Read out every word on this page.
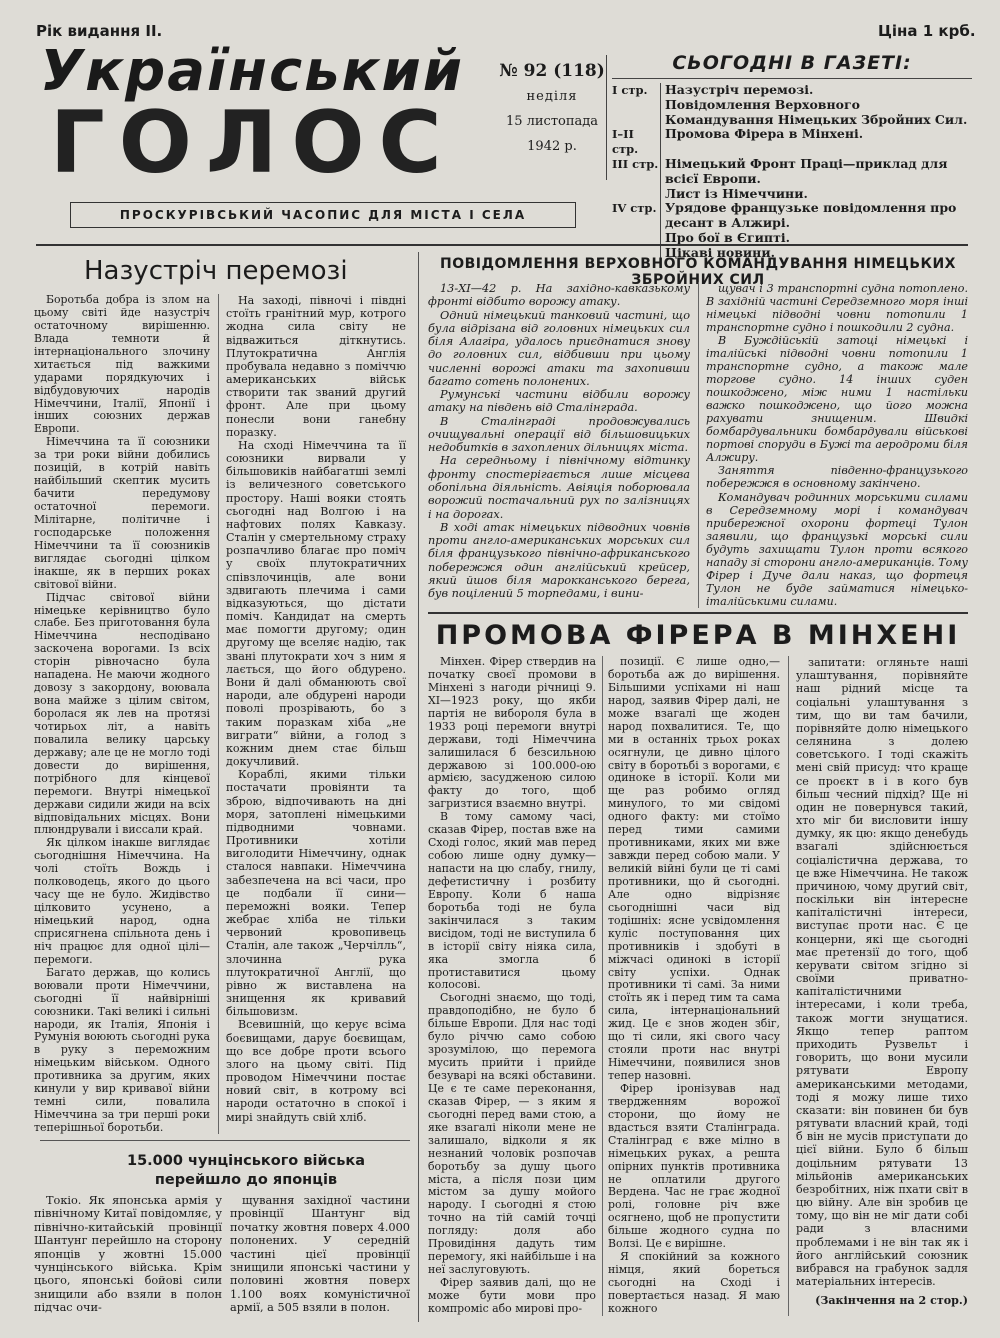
Рік видання II.	Ціна 1 крб.
Український
ГОЛОС
ПРОСКУРІВСЬКИЙ ЧАСОПИС ДЛЯ МІСТА І СЕЛА
№ 92 (118)
неділя
15 листопада
1942 р.
СЬОГОДНІ В ГАЗЕТІ:
I стр.	Назустріч перемозі.
Повідомлення Верховного Командування Німецьких Збройних Сил.
I–II стр.
Промова Фірера в Мінхені.
III стр. Німецький Фронт Праці—приклад для всієї Европи.
Лист із Німеччини.
IV стр. Урядове французьке повідомлення про десант в Алжирі.
Про бої в Єгипті.
Цікаві новини.
Назустріч перемозі

Боротьба добра із злом на цьому світі йде назустріч остаточному вирішенню. Влада темноти й інтернаціонального злочину хитається під важкими ударами порядкуючих і відбудовуючих народів Німеччини, Італії, Японії і інших союзних держав Европи.

Німеччина та її союзники за три роки війни добились позицій, в котрій навіть найбільший скептик мусить бачити передумову остаточної перемоги. Мілітарне, політичне і господарське положення Німеччини та її союзників виглядає сьогодні цілком інакше, як в перших роках світової війни.

Підчас світової війни німецьке керівництво було слабе. Без приготовання була Німеччина несподівано заскочена ворогами. Із всіх сторін рівночасно була нападена. Не маючи жодного довозу з закордону, воювала вона майже з цілим світом, боролася як лев на протязі чотирьох літ, а навіть повалила велику царську державу; але це не могло тоді довести до вирішення, потрібного для кінцевої перемоги. Внутрі німецької держави сидили жиди на всіх відповідальних місцях. Вони плюндрували і виссали край.

Як цілком інакше виглядає сьогоднішня Німеччина. На чолі стоїть Вождь і полководець, якого до цього часу ще не було. Жидівство цілковито усунено, а німецький народ, одна сприсягнена спільнота день і ніч працює для одної цілі—перемоги.

Багато держав, що колись воювали проти Німеччини, сьогодні її найвірніші союзники. Такі великі і сильні народи, як Італія, Японія і Румунія воюють сьогодні рука в руку з переможним німецьким військом. Одного противника за другим, яких кинули у вир кривавої війни темні сили, повалила Німеччина за три перші роки теперішньої боротьби.

На заході, півночі і півдні стоїть гранітний мур, котрого жодна сила світу не відважиться діткнутись. Плутократична Англія пробувала недавно з поміччю американських військ створити так званий другий фронт. Але при цьому понесли вони ганебну поразку.

На сході Німеччина та її союзники вирвали у більшовиків найбагатші землі із величезного советського простору. Наші вояки стоять сьогодні над Волгою і на нафтових полях Кавказу. Сталін у смертельному страху розпачливо благає про поміч у своїх плутократичних співзлочинців, але вони здвигають плечима і сами відказуються, що дістати поміч. Кандидат на смерть має помогти другому; один другому ще вселяє надію, так звані плутократи хоч з ним я лається, що його обдурено. Вони й далі обманюють свої народи, але обдурені народи поволі прозрівають, бо з таким поразкам хіба „не виграти“ війни, а голод з кожним днем стає більш докучливий.

Кораблі, якими тільки постачати провіянти та зброю, відпочивають на дні моря, затоплені німецькими підводними човнами. Противники хотіли виголодити Німеччину, однак сталося навпаки. Німеччина забезпечена на всі часи, про це подбали її сини—переможні вояки. Тепер жебрає хліба не тільки червоний кровопивець Сталін, але також „Черчілль“, злочинна рука плутократичної Англії, що рівно ж виставлена на знищення як кривавий більшовизм.

Всевишній, що керує всіма боєвищами, дарує боєвищам, що все добре проти всього злого на цьому світі. Під проводом Німеччини постає новий світ, в котрому всі народи остаточно в спокої і мирі знайдуть свій хліб.

15.000 чунцінського війська перейшло до японців

Токіо. Як японська армія у північному Китаї повідомляє, у північно-китайській провінції Шантунг перейшло на сторону японців у жовтні 15.000 чунцінського війська. Крім цього, японські бойові сили знищили або взяли в полон підчас очи-

щування західної частини провінції Шантунг від початку жовтня поверх 4.000 полонених. У середній частині цієї провінції знищили японські частини у половині жовтня поверх 1.100 воях комуністичної армії, а 505 взяли в полон.

ПОВІДОМЛЕННЯ ВЕРХОВНОГО КОМАНДУВАННЯ НІМЕЦЬКИХ ЗБРОЙНИХ СИЛ

13-ХІ—42 р. На західно-кавказькому фронті відбито ворожу атаку.

Одний німецький танковий частині, що була відрізана від головних німецьких сил біля Алагіра, удалось приєднатися знову до головних сил, відбивши при цьому численні ворожі атаки та захопивши багато сотень полонених.

Румунські частини відбили ворожу атаку на південь від Сталінграда.

В Сталінграді продовжувались очищувальні операції від більшовицьких недобитків в захоплених дільницях міста.

На середньому і північному відтинку фронту спостерігається лише місцева обопільна діяльність. Авіяція поборювала ворожий постачальний рух по залізницях і на дорогах.

В ході атак німецьких підводних човнів проти англо-американських морських сил біля французького північно-африканського побережжя один англійський крейсер, який йшов біля марокканського берега, був поцілений 5 торпедами, і вини-

щувач і 3 транспортні судна потоплено. В західній частині Середземного моря інші німецькі підводні човни потопили 1 транспортне судно і пошкодили 2 судна.

В Буждійській затоці німецькі і італійські підводні човни потопили 1 транспортне судно, а також мале торгове судно. 14 інших суден пошкоджено, між ними 1 настільки важко пошкоджено, що його можна рахувати знищеним. Швидкі бомбардувальники бомбардували військові портові споруди в Бужі та аеродроми біля Алжиру.

Заняття південно-французького побережжя в основному закінчено.

Командувач родинних морськими силами в Середземному морі і командувач прибережної охорони фортеці Тулон заявили, що французькі морські сили будуть захищати Тулон проти всякого нападу зі сторони англо-американців. Тому Фірер і Дуче дали наказ, що фортеця Тулон не буде займатися німецько-італійськими силами.

ПРОМОВА ФІРЕРА В МІНХЕНІ

Мінхен. Фірер ствердив на початку своєї промови в Мінхені з нагоди річниці 9. ХІ—1923 року, що якби партія не вибороля була в 1933 році перемоги внутрі держави, тоді Німеччина залишилася б безсильною державою зі 100.000-ою армією, засудженою силою факту до того, щоб загризтися взаємно внутрі.

В тому самому часі, сказав Фірер, постав вже на Сході голос, який мав перед собою лише одну думку— напасти на цю слабу, гнилу, дефетистичну і розбиту Европу. Коли б наша боротьба тоді не була закінчилася з таким висідом, тоді не виступила б в історії світу ніяка сила, яка змогла б протиставитися цьому колосові.

Сьогодні знаємо, що тоді, правдоподібно, не було б більше Европи. Для нас тоді було річчю само собою зрозумілою, що перемога мусить прийти і прийде безуварі на всякі обставини. Це є те саме переконання, сказав Фірер, — з яким я сьогодні перед вами стою, а яке взагалі ніколи мене не залишало, відколи я як незнаний чоловік розпочав боротьбу за душу цього міста, а після пози цим містом за душу мойого народу. І сьогодні я стою точно на тій самій точці погляду: доля або Провидіння дадуть тим перемогу, які найбільше і на неї заслуговують.

Фірер заявив далі, що не може бути мови про компроміс або мирові про-

позиції. Є лише одно,—боротьба аж до вирішення. Більшими успіхами ні наш народ, заявив Фірер далі, не може взагалі ще жоден народ похвалитися. Те, що ми в останніх трьох роках осягнули, це дивно цілого світу в боротьбі з ворогами, є одиноке в історії. Коли ми ще раз робимо огляд минулого, то ми свідомі одного факту: ми стоїмо перед тими самими противниками, яких ми вже завжди перед собою мали. У великій війні були це ті самі противники, що й сьогодні. Але одно відрізняє сьогоднішні часи від тодішніх: ясне усвідомлення куліс поступовання цих противників і здобуті в міжчасі одинокі в історії світу успіхи. Однак противники ті самі. За ними стоїть як і перед тим та сама сила, інтернаціональний жид. Це є знов жоден збіг, що ті сили, які свого часу стояли проти нас внутрі Німеччини, появилися знов тепер назовні.

Фірер іронізував над твердженням ворожої сторони, що йому не вдасться взяти Сталінграда. Сталінград є вже мілно в німецьких руках, а решта опірних пунктів противника не оплатили другого Вердена. Час не грає жодної ролі, головне річ вже осягнено, щоб не пропустити більше жодного судна по Волзі. Це є вирішне.

Я спокійний за кожного німця, який бореться сьогодні на Сході і повертається назад. Я маю кожного

запитати: огляньте наші улаштування, порівняйте наш рідний місце та соціальні улаштування з тим, що ви там бачили, порівняйте долю німецького селянина з долею советського. І тоді скажіть мені свій присуд: что краще се проєкт в і в кого був більш чесний підхід? Ще ні один не повернувся такий, хто міг би висловити іншу думку, як цю: якщо денебудь взагалі здійснюється соціалістична держава, то це вже Німеччина. Не також причиною, чому другий світ, поскільки він інтересне капіталістичні інтереси, виступає проти нас. Є це концерни, які ще сьогодні має претензії до того, щоб керувати світом згідно зі своїми приватно-капіталістичними інтересами, і коли треба, також могти знущатися. Якщо тепер раптом приходить Рузвельт і говорить, що вони мусили рятувати Европу американськими методами, тоді я можу лише тихо сказати: він повинен би був рятувати власний край, тоді б він не мусів приступати до цієї війни. Було б більш доцільним рятувати 13 мільйонів американських безробітних, ніж пхати світ в цю війну. Але він зробив це тому, що він не міг дати собі ради з власними проблемами і не він так як і його англійський союзник вибрався на грабунок задля матеріальних інтересів.

(Закінчення на 2 стор.)
